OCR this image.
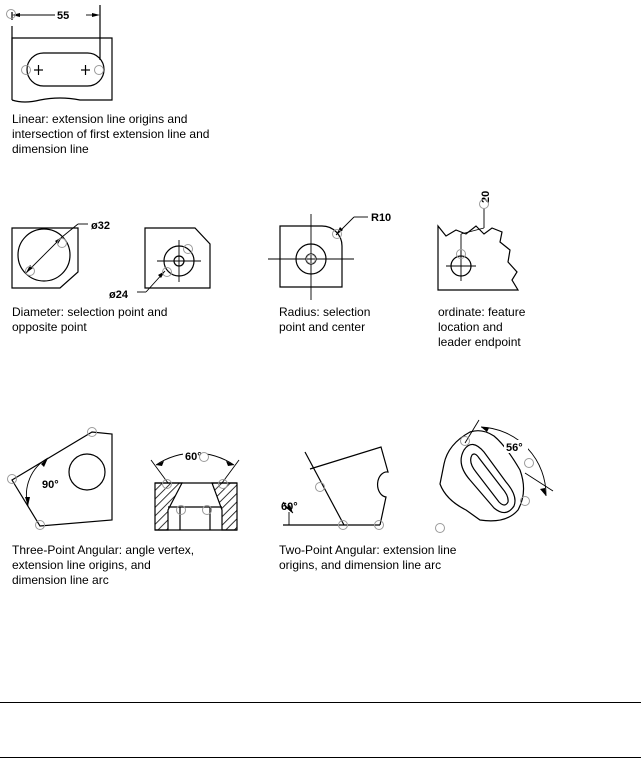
55
ø32
ø24
R10
20
90°
60°
60°
56°
Linear: extension line origins and
intersection of first extension line and
dimension line
Diameter: selection point and
opposite point
Radius: selection
point and center
ordinate: feature
location and
leader endpoint
Three-Point Angular: angle vertex,
extension line origins, and
dimension line arc
Two-Point Angular: extension line
origins, and dimension line arc
